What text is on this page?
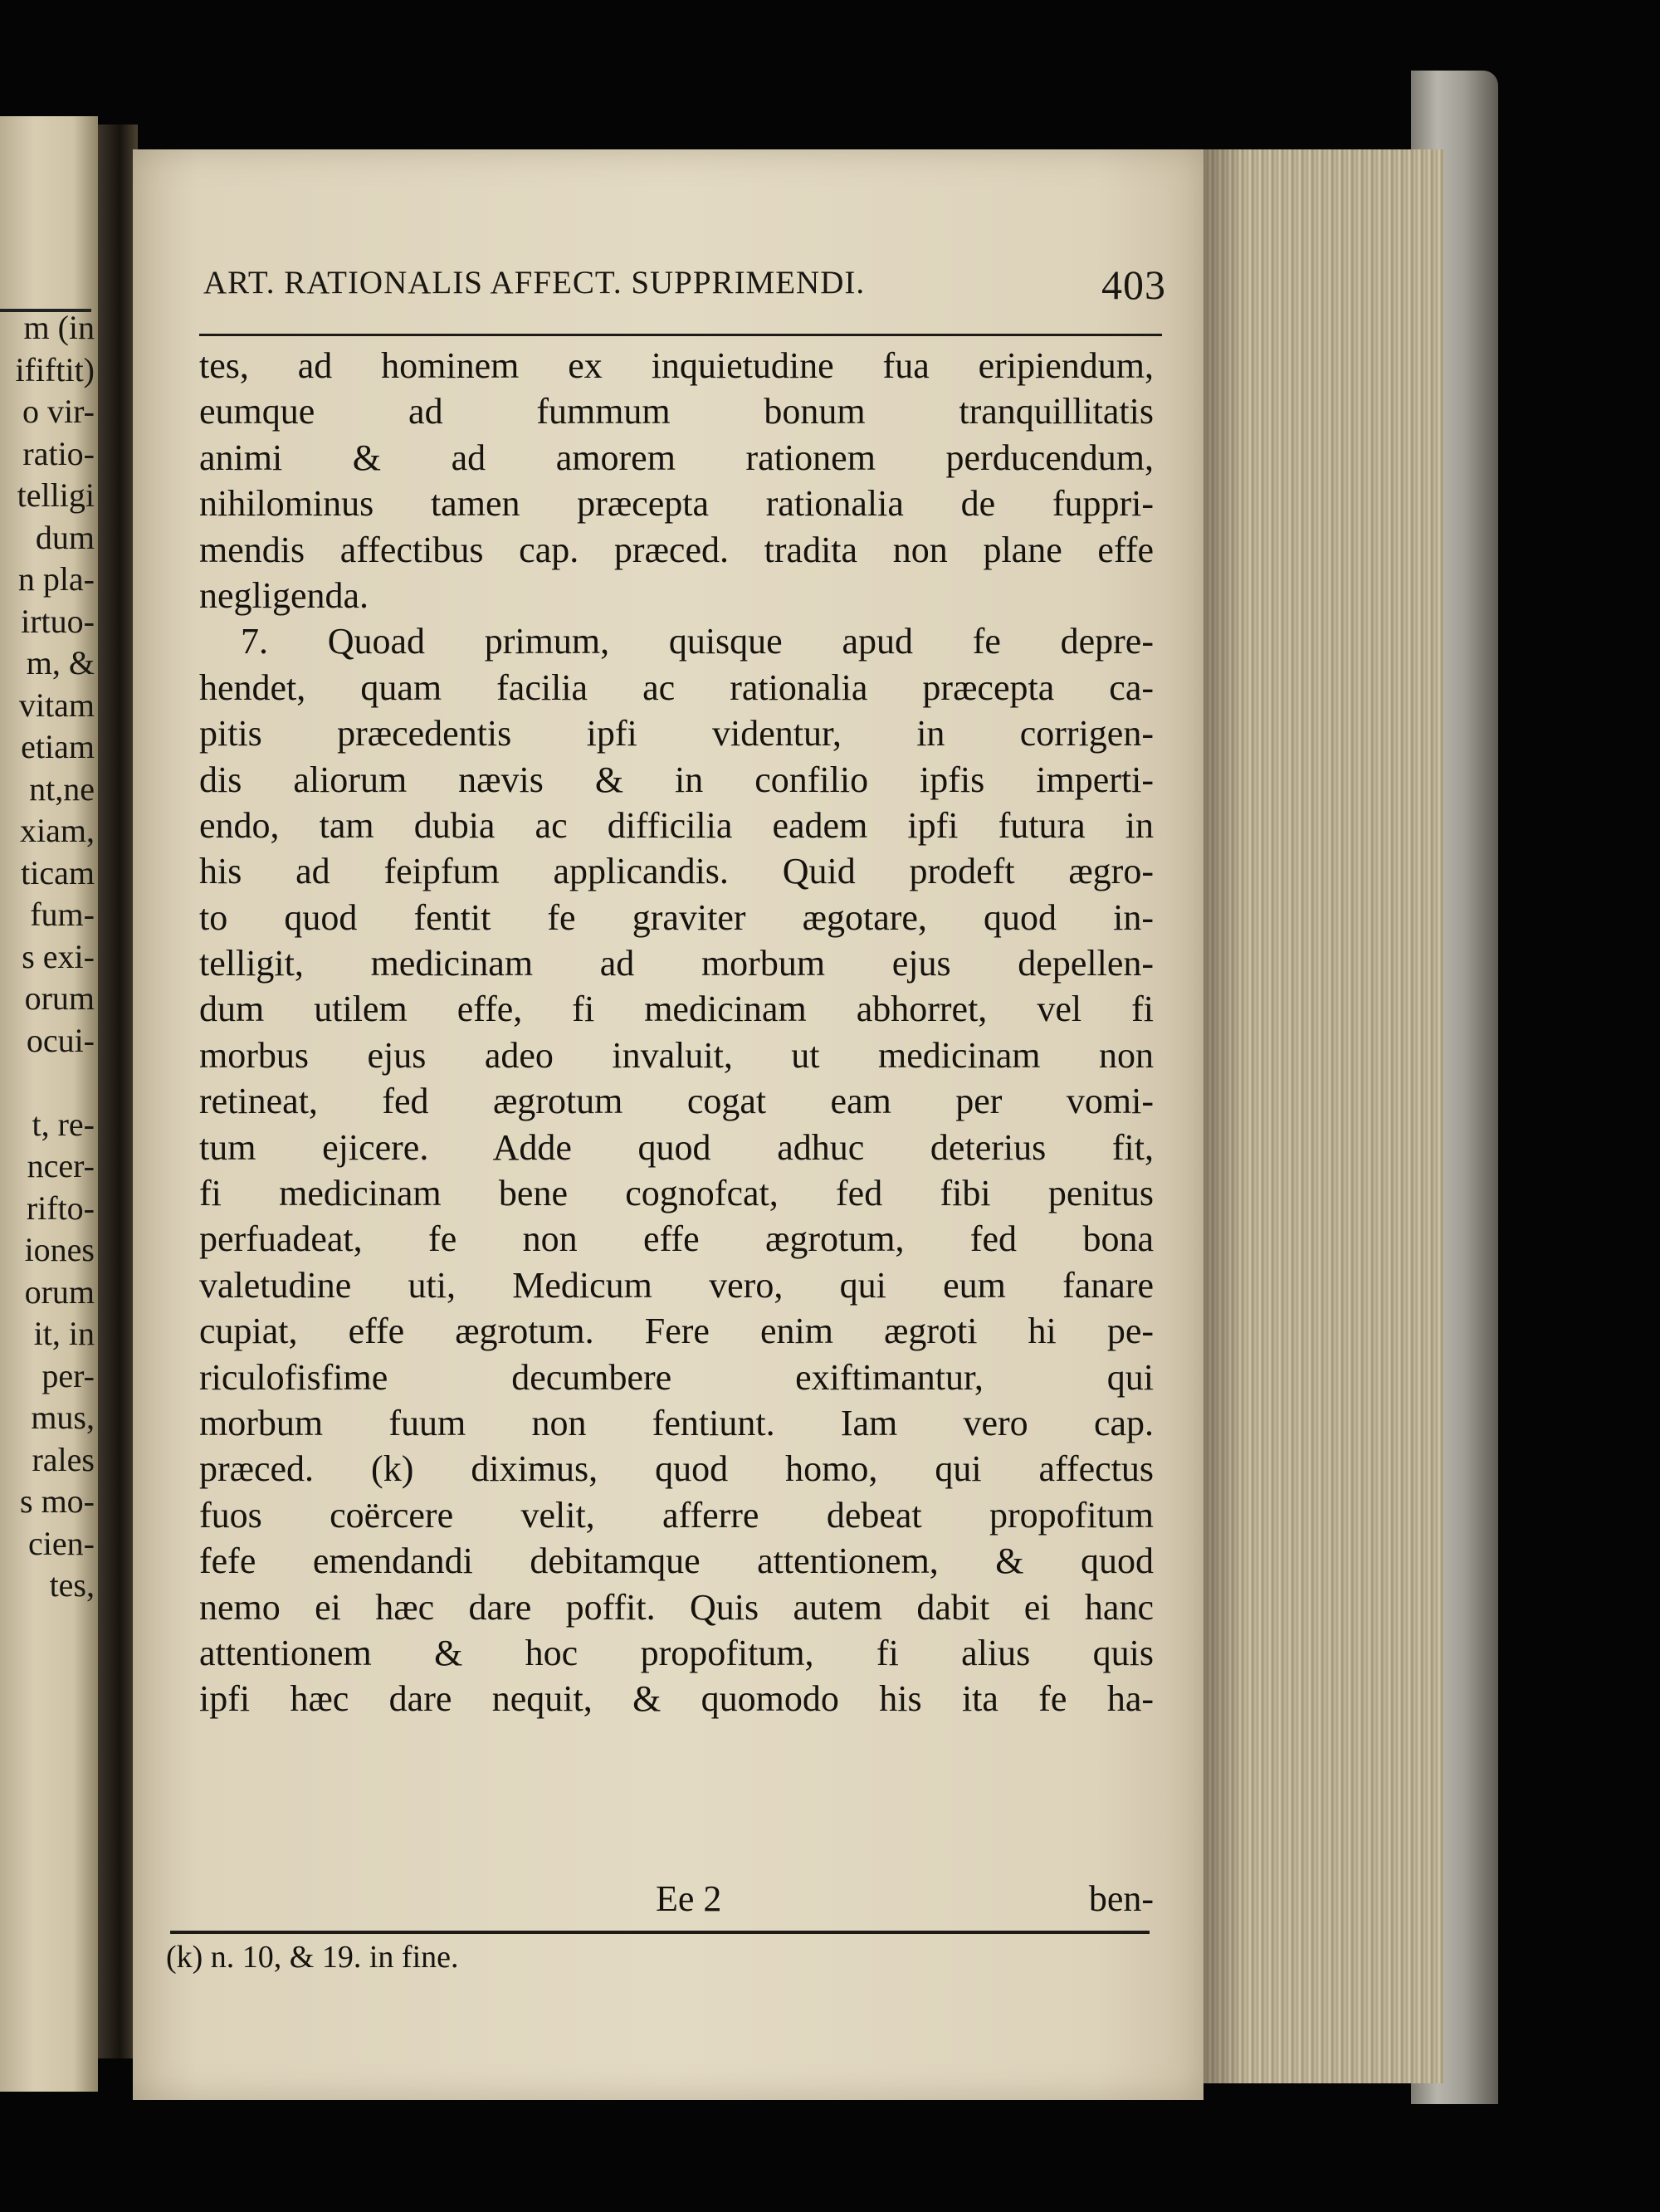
m (in
ififtit)
o vir-
ratio-
telligi
dum
n pla-
irtuo-
m, &
vitam
etiam
nt,ne
xiam,
ticam
fum-
s exi-
orum
ocui-

t, re-
ncer-
rifto-
iones
orum
it, in
per-
mus,
rales
s mo-
cien-
tes,
ART. RATIONALIS AFFECT. SUPPRIMENDI.	403
tes, ad hominem ex inquietudine fua eripiendum,
eumque ad fummum bonum tranquillitatis
animi & ad amorem rationem perducendum,
nihilominus tamen præcepta rationalia de fuppri-
mendis affectibus cap. præced. tradita non plane effe
negligenda.
7. Quoad primum, quisque apud fe depre-
hendet, quam facilia ac rationalia præcepta ca-
pitis præcedentis ipfi videntur, in corrigen-
dis aliorum nævis & in confilio ipfis imperti-
endo, tam dubia ac difficilia eadem ipfi futura in
his ad feipfum applicandis. Quid prodeft ægro-
to quod fentit fe graviter ægotare, quod in-
telligit, medicinam ad morbum ejus depellen-
dum utilem effe, fi medicinam abhorret, vel fi
morbus ejus adeo invaluit, ut medicinam non
retineat, fed ægrotum cogat eam per vomi-
tum ejicere. Adde quod adhuc deterius fit,
fi medicinam bene cognofcat, fed fibi penitus
perfuadeat, fe non effe ægrotum, fed bona
valetudine uti, Medicum vero, qui eum fanare
cupiat, effe ægrotum. Fere enim ægroti hi pe-
riculofisfime decumbere exiftimantur, qui
morbum fuum non fentiunt. Iam vero cap.
præced. (k) diximus, quod homo, qui affectus
fuos coërcere velit, afferre debeat propofitum
fefe emendandi debitamque attentionem, & quod
nemo ei hæc dare poffit. Quis autem dabit ei hanc
attentionem & hoc propofitum, fi alius quis
ipfi hæc dare nequit, & quomodo his ita fe ha-
Ee 2	ben-
(k) n. 10, & 19. in fine.
